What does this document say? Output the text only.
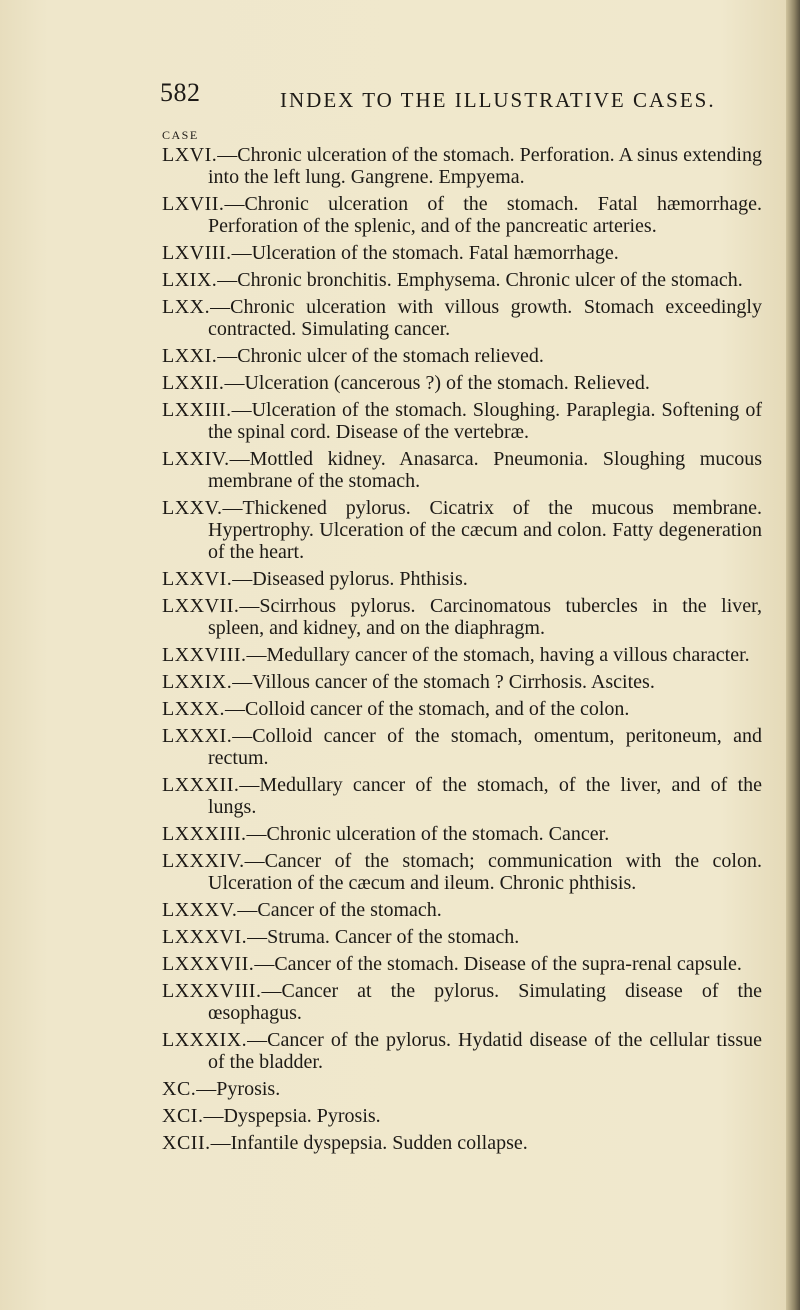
582	INDEX TO THE ILLUSTRATIVE CASES.
CASE

LXVI.—Chronic ulceration of the stomach. Perforation. A sinus extending into the left lung. Gangrene. Empyema.

LXVII.—Chronic ulceration of the stomach. Fatal hæmorrhage. Perforation of the splenic, and of the pancreatic arteries.

LXVIII.—Ulceration of the stomach. Fatal hæmorrhage.

LXIX.—Chronic bronchitis. Emphysema. Chronic ulcer of the stomach.

LXX.—Chronic ulceration with villous growth. Stomach exceedingly contracted. Simulating cancer.

LXXI.—Chronic ulcer of the stomach relieved.

LXXII.—Ulceration (cancerous ?) of the stomach. Relieved.

LXXIII.—Ulceration of the stomach. Sloughing. Paraplegia. Softening of the spinal cord. Disease of the vertebræ.

LXXIV.—Mottled kidney. Anasarca. Pneumonia. Sloughing mucous membrane of the stomach.

LXXV.—Thickened pylorus. Cicatrix of the mucous membrane. Hypertrophy. Ulceration of the cæcum and colon. Fatty degeneration of the heart.

LXXVI.—Diseased pylorus. Phthisis.

LXXVII.—Scirrhous pylorus. Carcinomatous tubercles in the liver, spleen, and kidney, and on the diaphragm.

LXXVIII.—Medullary cancer of the stomach, having a villous character.

LXXIX.—Villous cancer of the stomach ? Cirrhosis. Ascites.

LXXX.—Colloid cancer of the stomach, and of the colon.

LXXXI.—Colloid cancer of the stomach, omentum, peritoneum, and rectum.

LXXXII.—Medullary cancer of the stomach, of the liver, and of the lungs.

LXXXIII.—Chronic ulceration of the stomach. Cancer.

LXXXIV.—Cancer of the stomach; communication with the colon. Ulceration of the cæcum and ileum. Chronic phthisis.

LXXXV.—Cancer of the stomach.

LXXXVI.—Struma. Cancer of the stomach.

LXXXVII.—Cancer of the stomach. Disease of the supra-renal capsule.

LXXXVIII.—Cancer at the pylorus. Simulating disease of the œsophagus.

LXXXIX.—Cancer of the pylorus. Hydatid disease of the cellular tissue of the bladder.

XC.—Pyrosis.

XCI.—Dyspepsia. Pyrosis.

XCII.—Infantile dyspepsia. Sudden collapse.
